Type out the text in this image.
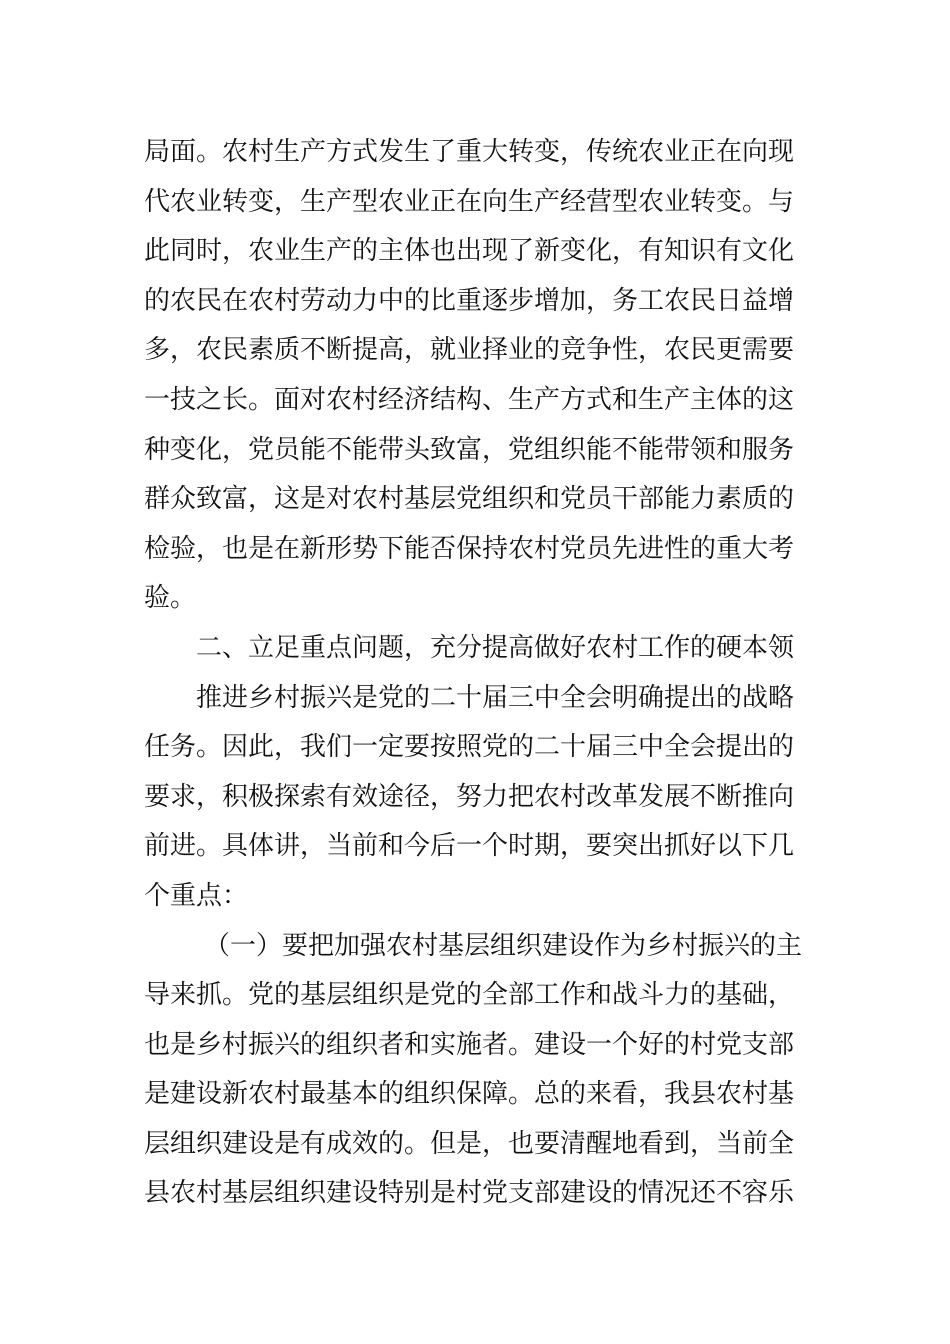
局面。农村生产方式发生了重大转变，传统农业正在向现
代农业转变，生产型农业正在向生产经营型农业转变。与
此同时，农业生产的主体也出现了新变化，有知识有文化
的农民在农村劳动力中的比重逐步增加，务工农民日益增
多，农民素质不断提高，就业择业的竞争性，农民更需要
一技之长。面对农村经济结构、生产方式和生产主体的这
种变化，党员能不能带头致富，党组织能不能带领和服务
群众致富，这是对农村基层党组织和党员干部能力素质的
检验，也是在新形势下能否保持农村党员先进性的重大考
验。
二、立足重点问题，充分提高做好农村工作的硬本领
推进乡村振兴是党的二十届三中全会明确提出的战略
任务。因此，我们一定要按照党的二十届三中全会提出的
要求，积极探索有效途径，努力把农村改革发展不断推向
前进。具体讲，当前和今后一个时期，要突出抓好以下几
个重点：
（一）要把加强农村基层组织建设作为乡村振兴的主
导来抓。党的基层组织是党的全部工作和战斗力的基础，
也是乡村振兴的组织者和实施者。建设一个好的村党支部
是建设新农村最基本的组织保障。总的来看，我县农村基
层组织建设是有成效的。但是，也要清醒地看到，当前全
县农村基层组织建设特别是村党支部建设的情况还不容乐
